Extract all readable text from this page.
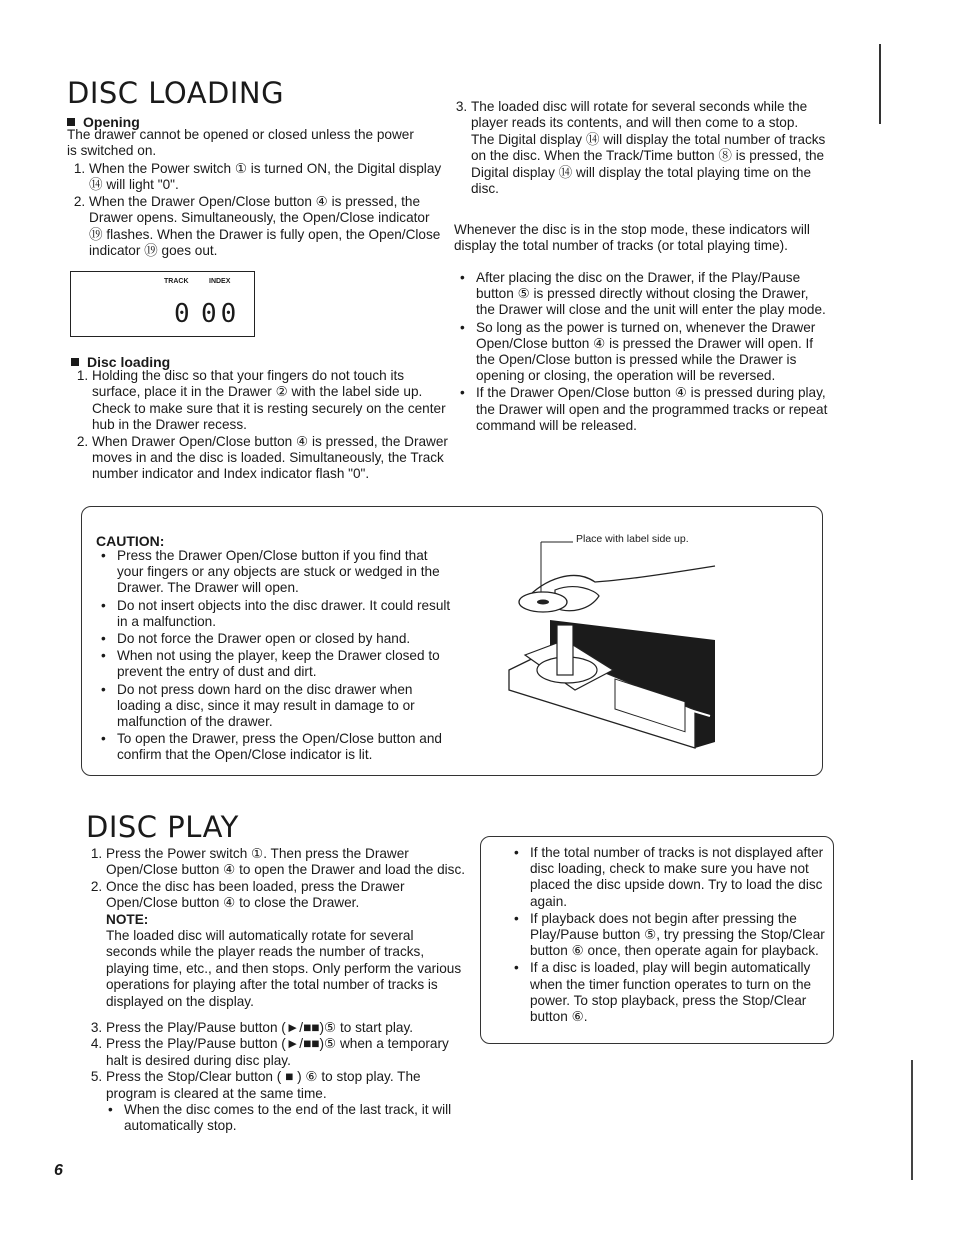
DISC LOADING
Opening

The drawer cannot be opened or closed unless the power is switched on.

1. When the Power switch ① is turned ON, the Digital display ⑭ will light "0".
2. When the Drawer Open/Close button ④ is pressed, the Drawer opens. Simultaneously, the Open/Close indicator ⑲ flashes. When the Drawer is fully open, the Open/Close indicator ⑲ goes out.
TRACK	INDEX
0 00
Disc loading
1. Holding the disc so that your fingers do not touch its surface, place it in the Drawer ② with the label side up. Check to make sure that it is resting securely on the center hub in the Drawer recess.
2. When Drawer Open/Close button ④ is pressed, the Drawer moves in and the disc is loaded. Simultaneously, the Track number indicator and Index indicator flash "0".
3. The loaded disc will rotate for several seconds while the player reads its contents, and will then come to a stop.
The Digital display ⑭ will display the total number of tracks on the disc. When the Track/Time button ⑧ is pressed, the Digital display ⑭ will display the total playing time on the disc.

Whenever the disc is in the stop mode, these indicators will display the total number of tracks (or total playing time).

• After placing the disc on the Drawer, if the Play/Pause button ⑤ is pressed directly without closing the Drawer, the Drawer will close and the unit will enter the play mode.
• So long as the power is turned on, whenever the Drawer Open/Close button ④ is pressed the Drawer will open. If the Open/Close button is pressed while the Drawer is opening or closing, the operation will be reversed.
• If the Drawer Open/Close button ④ is pressed during play, the Drawer will open and the programmed tracks or repeat command will be released.
CAUTION:
• Press the Drawer Open/Close button if you find that your fingers or any objects are stuck or wedged in the Drawer. The Drawer will open.
• Do not insert objects into the disc drawer. It could result in a malfunction.
• Do not force the Drawer open or closed by hand.
• When not using the player, keep the Drawer closed to prevent the entry of dust and dirt.
• Do not press down hard on the disc drawer when loading a disc, since it may result in damage to or malfunction of the drawer.
• To open the Drawer, press the Open/Close button and confirm that the Open/Close indicator is lit.
Place with label side up.
DISC PLAY
1. Press the Power switch ①. Then press the Drawer Open/Close button ④ to open the Drawer and load the disc.
2. Once the disc has been loaded, press the Drawer Open/Close button ④ to close the Drawer.
NOTE:
The loaded disc will automatically rotate for several seconds while the player reads the number of tracks, playing time, etc., and then stops. Only perform the various operations for playing after the total number of tracks is displayed on the display.
3. Press the Play/Pause button (►/■■)⑤ to start play.
4. Press the Play/Pause button (►/■■)⑤ when a temporary halt is desired during disc play.
5. Press the Stop/Clear button ( ■ ) ⑥ to stop play. The program is cleared at the same time.
• When the disc comes to the end of the last track, it will automatically stop.
• If the total number of tracks is not displayed after disc loading, check to make sure you have not placed the disc upside down. Try to load the disc again.
• If playback does not begin after pressing the Play/Pause button ⑤, try pressing the Stop/Clear button ⑥ once, then operate again for playback.
• If a disc is loaded, play will begin automatically when the timer function operates to turn on the power. To stop playback, press the Stop/Clear button ⑥.
6
